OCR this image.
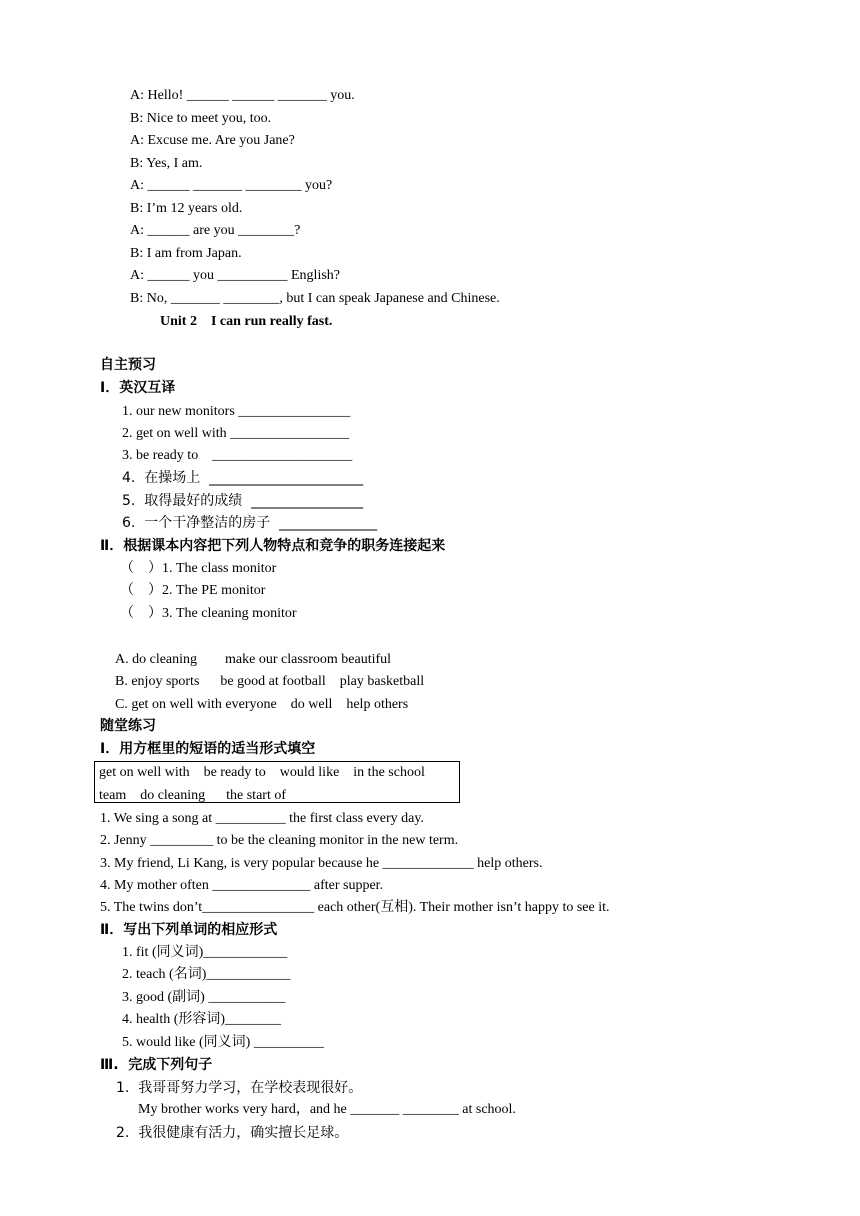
A: Hello! ______ ______ _______ you.
B: Nice to meet you, too.
A: Excuse me. Are you Jane?
B: Yes, I am.
A: ______ _______ ________ you?
B: I’m 12 years old.
A: ______ are you ________?
B: I am from Japan.
A: ______ you __________ English?
B: No, _______ ________, but I can speak Japanese and Chinese.
Unit 2    I can run really fast.
自主预习
Ⅰ．英汉互译
1. our new monitors ________________
2. get on well with _________________
3. be ready to    ____________________
4.  在操场上  ______________________
5.  取得最好的成绩  ________________
6.  一个干净整洁的房子  ______________
Ⅱ．根据课本内容把下列人物特点和竞争的职务连接起来
（    ）1. The class monitor
（    ）2. The PE monitor
（    ）3. The cleaning monitor
A. do cleaning        make our classroom beautiful
B. enjoy sports      be good at football    play basketball
C. get on well with everyone    do well    help others
随堂练习
Ⅰ．用方框里的短语的适当形式填空
get on well with    be ready to    would like    in the school
team    do cleaning      the start of
1. We sing a song at __________ the first class every day.
2. Jenny _________ to be the cleaning monitor in the new term.
3. My friend, Li Kang, is very popular because he _____________ help others.
4. My mother often ______________ after supper.
5. The twins don’t________________ each other(互相). Their mother isn’t happy to see it.
Ⅱ．写出下列单词的相应形式
1. fit (同义词)____________
2. teach (名词)____________
3. good (副词) ___________
4. health (形容词)________
5. would like (同义词) __________
Ⅲ.  完成下列句子
1.  我哥哥努力学习，在学校表现很好。
My brother works very hard，and he _______ ________ at school.
2.  我很健康有活力，确实擅长足球。
